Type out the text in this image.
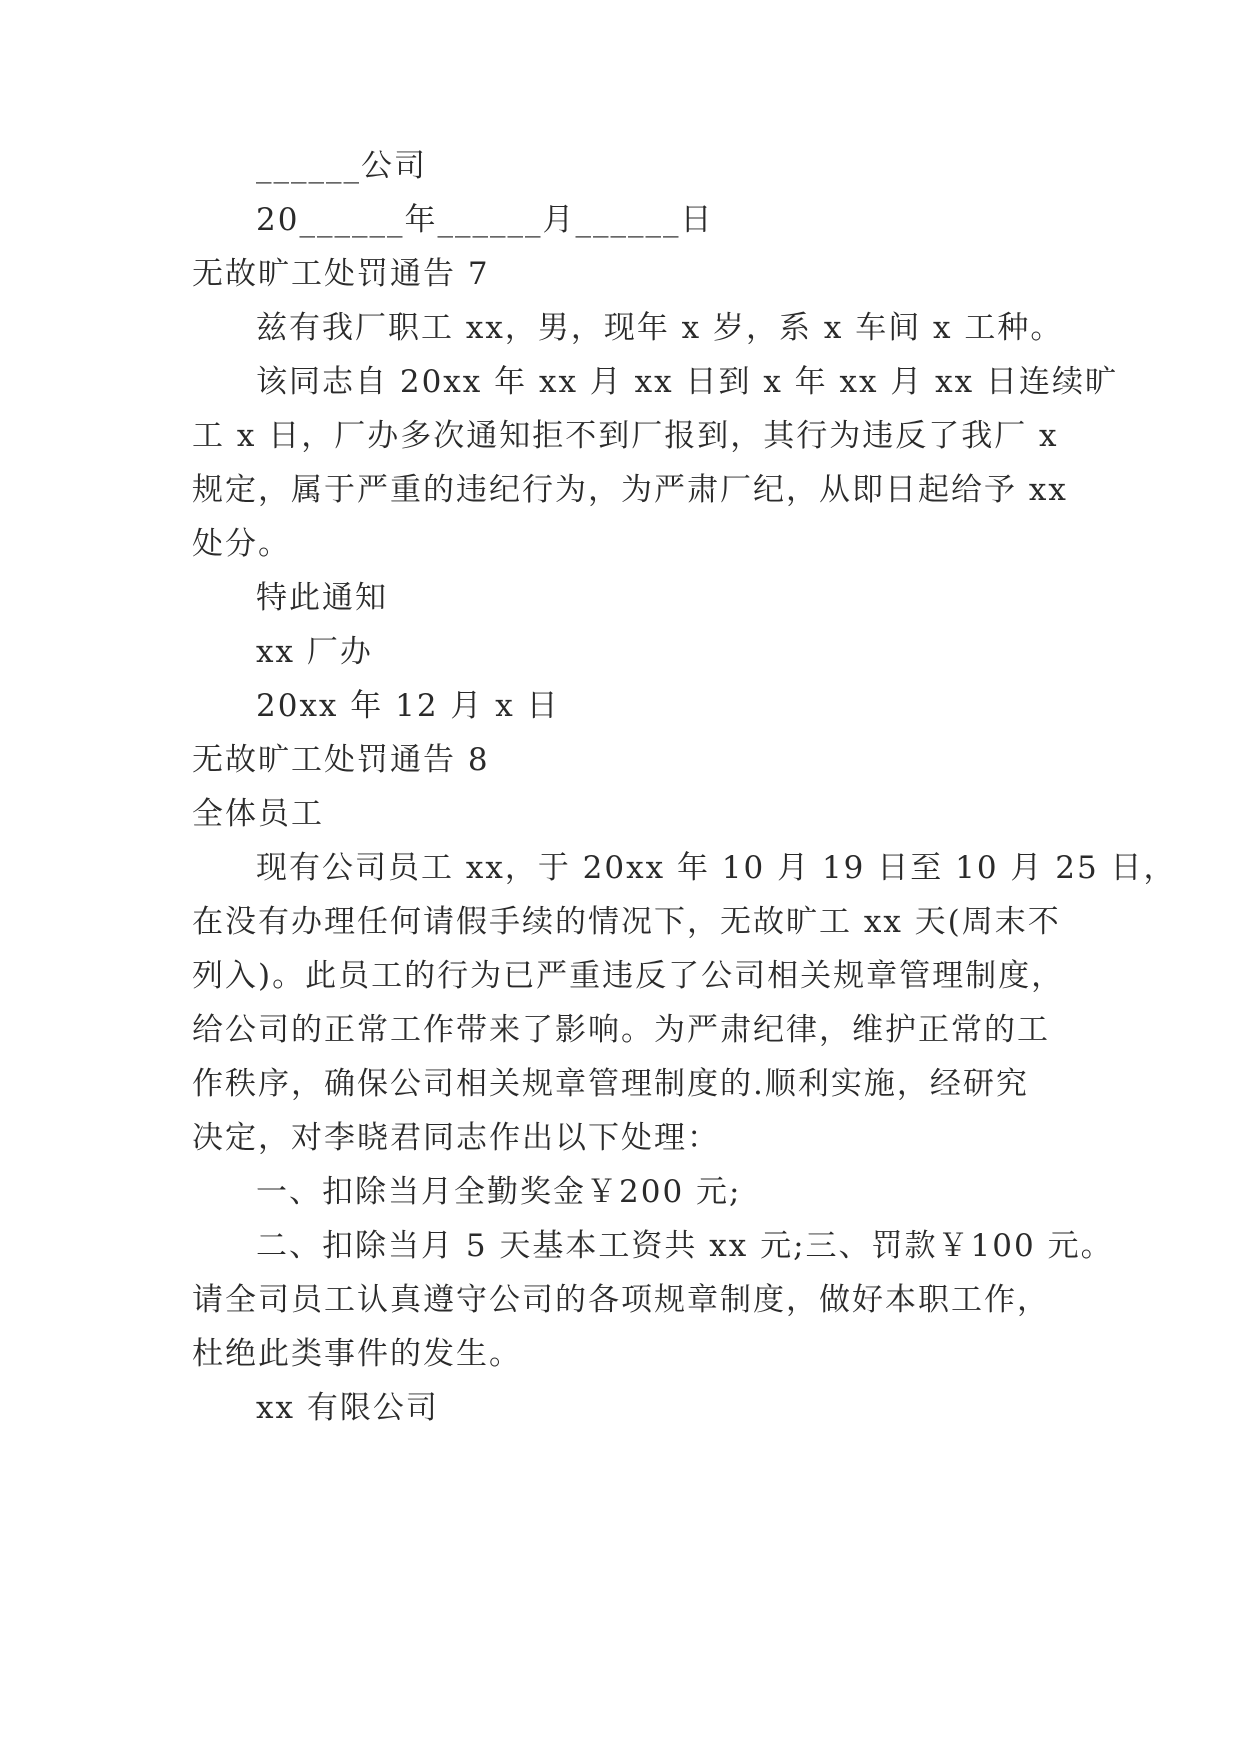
______公司
20______年______月______日
无故旷工处罚通告 7
兹有我厂职工 xx，男，现年 x 岁，系 x 车间 x 工种。
该同志自 20xx 年 xx 月 xx 日到 x 年 xx 月 xx 日连续旷
工 x 日，厂办多次通知拒不到厂报到，其行为违反了我厂 x
规定，属于严重的违纪行为，为严肃厂纪，从即日起给予 xx
处分。
特此通知
xx 厂办
20xx 年 12 月 x 日
无故旷工处罚通告 8
全体员工
现有公司员工 xx，于 20xx 年 10 月 19 日至 10 月 25 日，
在没有办理任何请假手续的情况下，无故旷工 xx 天(周末不
列入)。此员工的行为已严重违反了公司相关规章管理制度，
给公司的正常工作带来了影响。为严肃纪律，维护正常的工
作秩序，确保公司相关规章管理制度的.顺利实施，经研究
决定，对李晓君同志作出以下处理：
一、扣除当月全勤奖金￥200 元;
二、扣除当月 5 天基本工资共 xx 元;三、罚款￥100 元。
请全司员工认真遵守公司的各项规章制度，做好本职工作，
杜绝此类事件的发生。
xx 有限公司
